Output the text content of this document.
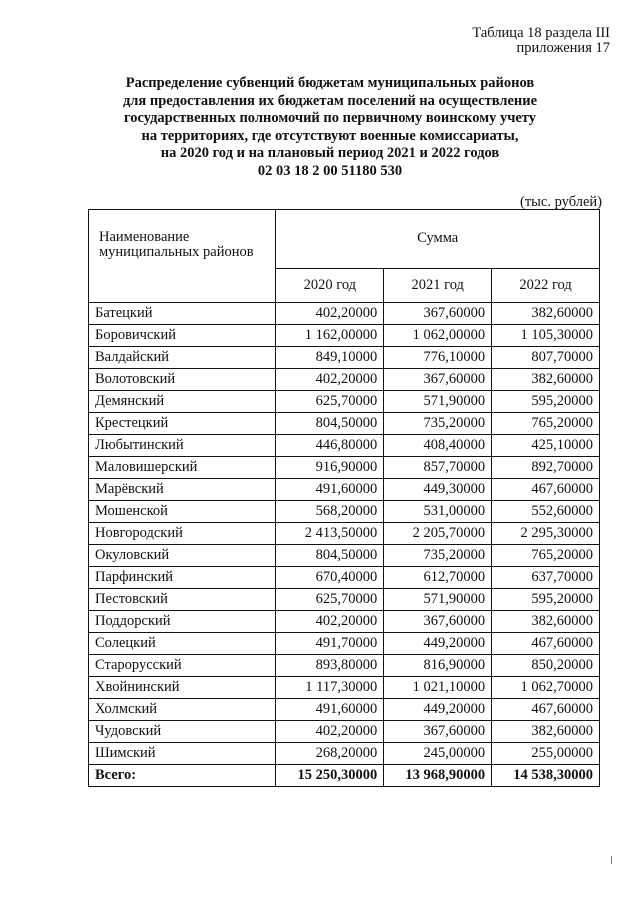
Таблица 18 раздела III
приложения 17
Распределение субвенций бюджетам муниципальных районов
для предоставления их бюджетам поселений на осуществление
государственных полномочий по первичному воинскому учету
на территориях, где отсутствуют военные комиссариаты,
на 2020 год и на плановый период 2021 и 2022 годов
02 03 18 2 00 51180 530
(тыс. рублей)
Наименование
муниципальных районов	Сумма		
	2020 год	2021 год	2022 год
Батецкий	402,20000	367,60000	382,60000
Боровичский	1 162,00000	1 062,00000	1 105,30000
Валдайский	849,10000	776,10000	807,70000
Волотовский	402,20000	367,60000	382,60000
Демянский	625,70000	571,90000	595,20000
Крестецкий	804,50000	735,20000	765,20000
Любытинский	446,80000	408,40000	425,10000
Маловишерский	916,90000	857,70000	892,70000
Марёвский	491,60000	449,30000	467,60000
Мошенской	568,20000	531,00000	552,60000
Новгородский	2 413,50000	2 205,70000	2 295,30000
Окуловский	804,50000	735,20000	765,20000
Парфинский	670,40000	612,70000	637,70000
Пестовский	625,70000	571,90000	595,20000
Поддорский	402,20000	367,60000	382,60000
Солецкий	491,70000	449,20000	467,60000
Старорусский	893,80000	816,90000	850,20000
Хвойнинский	1 117,30000	1 021,10000	1 062,70000
Холмский	491,60000	449,20000	467,60000
Чудовский	402,20000	367,60000	382,60000
Шимский	268,20000	245,00000	255,00000
Всего:	15 250,30000	13 968,90000	14 538,30000
